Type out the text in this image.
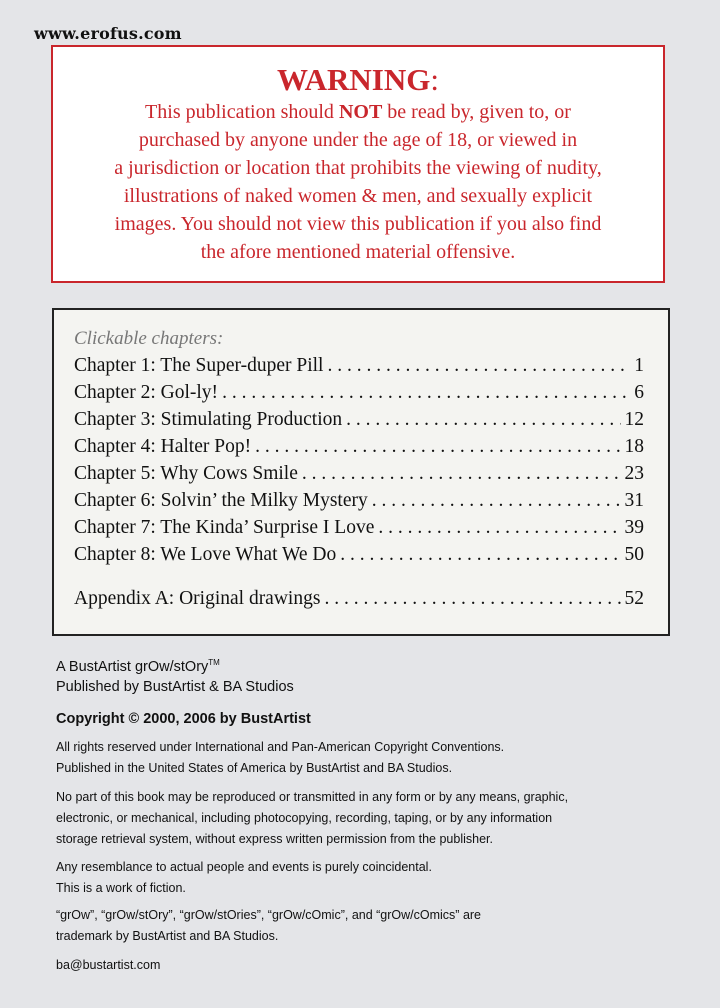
www.erofus.com
WARNING:
This publication should NOT be read by, given to, or
purchased by anyone under the age of 18, or viewed in
a jurisdiction or location that prohibits the viewing of nudity,
illustrations of naked women & men, and sexually explicit
images. You should not view this publication if you also find
the afore mentioned material offensive.
Clickable chapters:
Chapter 1: The Super-duper Pill . . .	1
Chapter 2: Gol-ly! . . .	6
Chapter 3: Stimulating Production . . .	12
Chapter 4: Halter Pop! . . .	18
Chapter 5: Why Cows Smile . . .	23
Chapter 6: Solvin’ the Milky Mystery . . .	31
Chapter 7: The Kinda’ Surprise I Love . . .	39
Chapter 8: We Love What We Do . . .	50
Appendix A: Original drawings . . .	52

A BustArtist grOw/stOry™

Published by BustArtist & BA Studios

Copyright © 2000, 2006 by BustArtist

All rights reserved under International and Pan-American Copyright Conventions.

Published in the United States of America by BustArtist and BA Studios.

No part of this book may be reproduced or transmitted in any form or by any means, graphic,

electronic, or mechanical, including photocopying, recording, taping, or by any information

storage retrieval system, without express written permission from the publisher.

Any resemblance to actual people and events is purely coincidental.

This is a work of fiction.

“grOw”, “grOw/stOry”, “grOw/stOries”, “grOw/cOmic”, and “grOw/cOmics” are

trademark by BustArtist and BA Studios.

ba@bustartist.com
